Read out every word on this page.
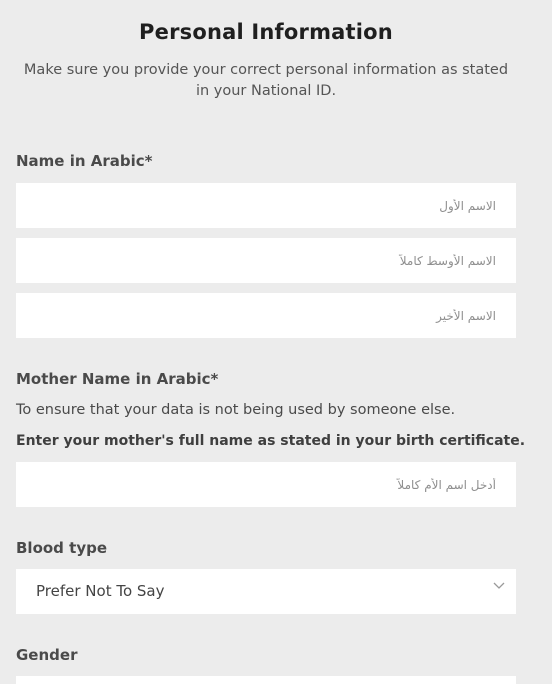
Personal Information
Make sure you provide your correct personal information as stated in your National ID.
Name in Arabic*
الاسم الأول
الاسم الأوسط كاملاً
الاسم الأخير
Mother Name in Arabic*
To ensure that your data is not being used by someone else.
Enter your mother's full name as stated in your birth certificate.
أدخل اسم الأم كاملاً
Blood type
Prefer Not To Say
Gender
